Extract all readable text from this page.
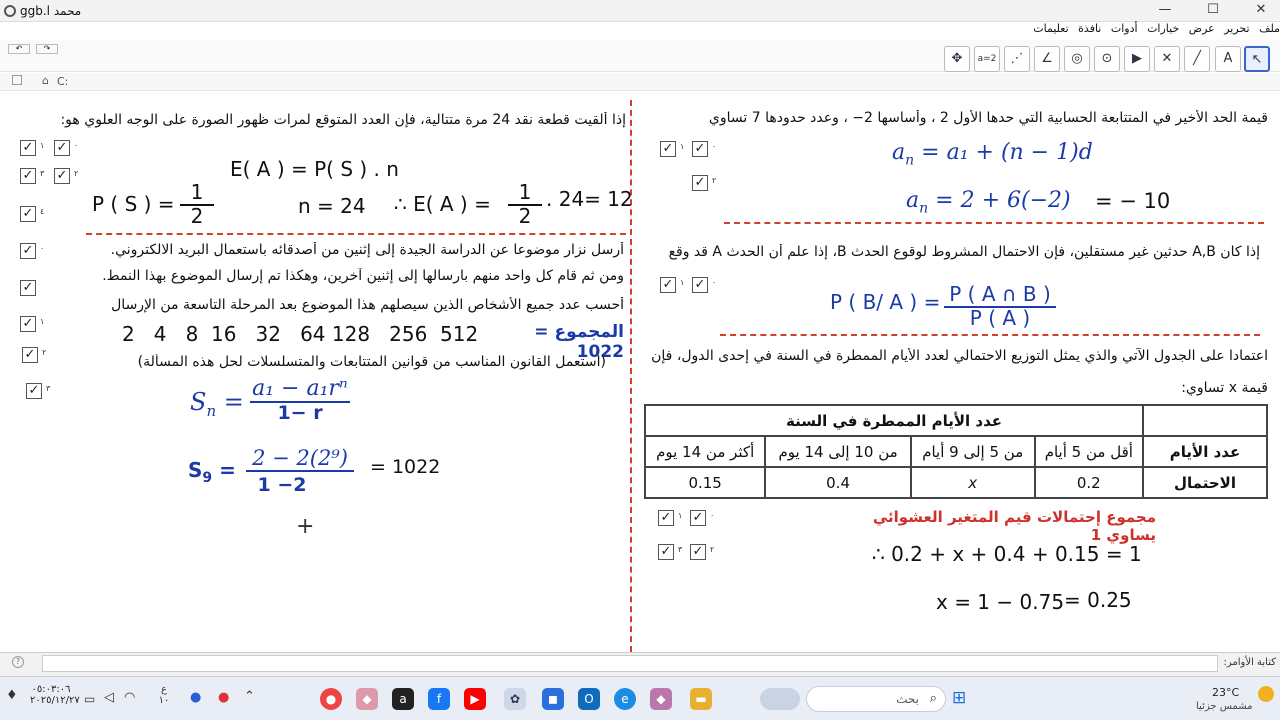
ggb.l محمد	—	☐	✕
ملف تحرير عرض خيارات أدوات نافذة تعليمات
↶	↷
↖
A
╱
✕
▶
⊙
◎
∠
⋰
a=2
✥
⌂ C:
قيمة الحد الأخير في المتتابعة الحسابية التي حدها الأول 2 ، وأساسها 2− ، وعدد حدودها 7 تساوي
$a_n = a_1 + (n - 1)d$
$a_n = 2 + 6(-2)$ = − 10
إذا كان A,B حدثين غير مستقلين، فإن الاحتمال المشروط لوقوع الحدث B، إذا علم أن الحدث A قد وقع
P ( B/ A ) = P ( A ∩ B )
P ( A )
اعتمادا على الجدول الآتي والذي يمثل التوزيع الاحتمالي لعدد الأيام الممطرة في السنة في إحدى الدول، فإن
قيمة x تساوي:
عدد الأيام الممطرة في السنة				
أكثر من 14 يوم	من 10 إلى 14 يوم	من 5 إلى 9 أيام	أقل من 5 أيام	عدد الأيام
0.15	0.4	x	0.2	الاحتمال
مجموع إحتمالات قيم المتغير العشوائي يساوي 1
∴ 0.2 + x + 0.4 + 0.15 = 1
x = 1 − 0.75 = 0.25
✓ ١ ✓ ٠
✓ ٢
✓ ١ ✓ ٠
✓ ١ ✓ ٠
✓ ٣ ✓ ٢
إذا ألقيت قطعة نقد 24 مرة متتالية، فإن العدد المتوقع لمرات ظهور الصورة على الوجه العلوي هو:
E( A ) = P( S ) . n
P ( S ) = 1
2	n = 24 ∴ E( A ) =	1
2
. 24= 12
أرسل نزار موضوعا عن الدراسة الجيدة إلى إثنين من أصدقائه باستعمال البريد الالكتروني.
ومن ثم قام كل واحد منهم بارسالها إلى إثنين آخرين، وهكذا تم إرسال الموضوع بهذا النمط.
أحسب عدد جميع الأشخاص الذين سيصلهم هذا الموضوع بعد المرحلة التاسعة من الإرسال
2   4   8  16   32   64 128   256  512	المجموع = 1022
(استعمل القانون المناسب من قوانين المتتابعات والمتسلسلات لحل هذه المسألة)
$S_n = a_1 - a_1r^n$
1− r
$S_9 = 2 - 2(2^9)$
1 −2
= 1022
+
✓ ١ ✓ ٠
✓ ٣ ✓ ٢
✓ ٤
✓ ٠
✓
✓ ١
✓ ٢
✓ ٣
?	كتابة الأوامر:
♦	٠٥:٠٣:٠٦
٢٠٢٥/١٢/٢٧ ▭ ◁ ◠
ع
١٠ ● ● ⌃	●	◆	a	f	▶	✿	◼	O	e	◆	▬	بحث ⌕ ⊞	23°C
مشمس جزئيا
